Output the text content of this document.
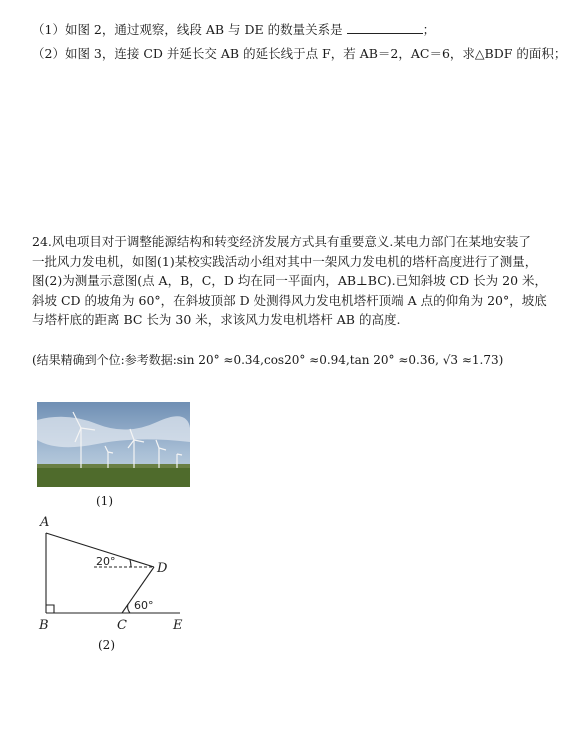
（1）如图 2，通过观察，线段 AB 与 DE 的数量关系是	；
（2）如图 3，连接 CD 并延长交 AB 的延长线于点 F，若 AB＝2，AC＝6，求△BDF 的面积；
24.风电项目对于调整能源结构和转变经济发展方式具有重要意义.某电力部门在某地安装了
一批风力发电机，如图(1)某校实践活动小组对其中一架风力发电机的塔杆高度进行了测量，
图(2)为测量示意图(点 A，B，C，D 均在同一平面内，AB⊥BC).已知斜坡 CD 长为 20 米，
斜坡 CD 的坡角为 60°，在斜坡顶部 D 处测得风力发电机塔杆顶端 A 点的仰角为 20°，坡底
与塔杆底的距离 BC 长为 30 米，求该风力发电机塔杆 AB 的高度.
(结果精确到个位:参考数据:sin 20° ≈0.34,cos20° ≈0.94,tan 20° ≈0.36, √3 ≈1.73)
(1)
A
B	C
D
E
20°
60°
(2)
